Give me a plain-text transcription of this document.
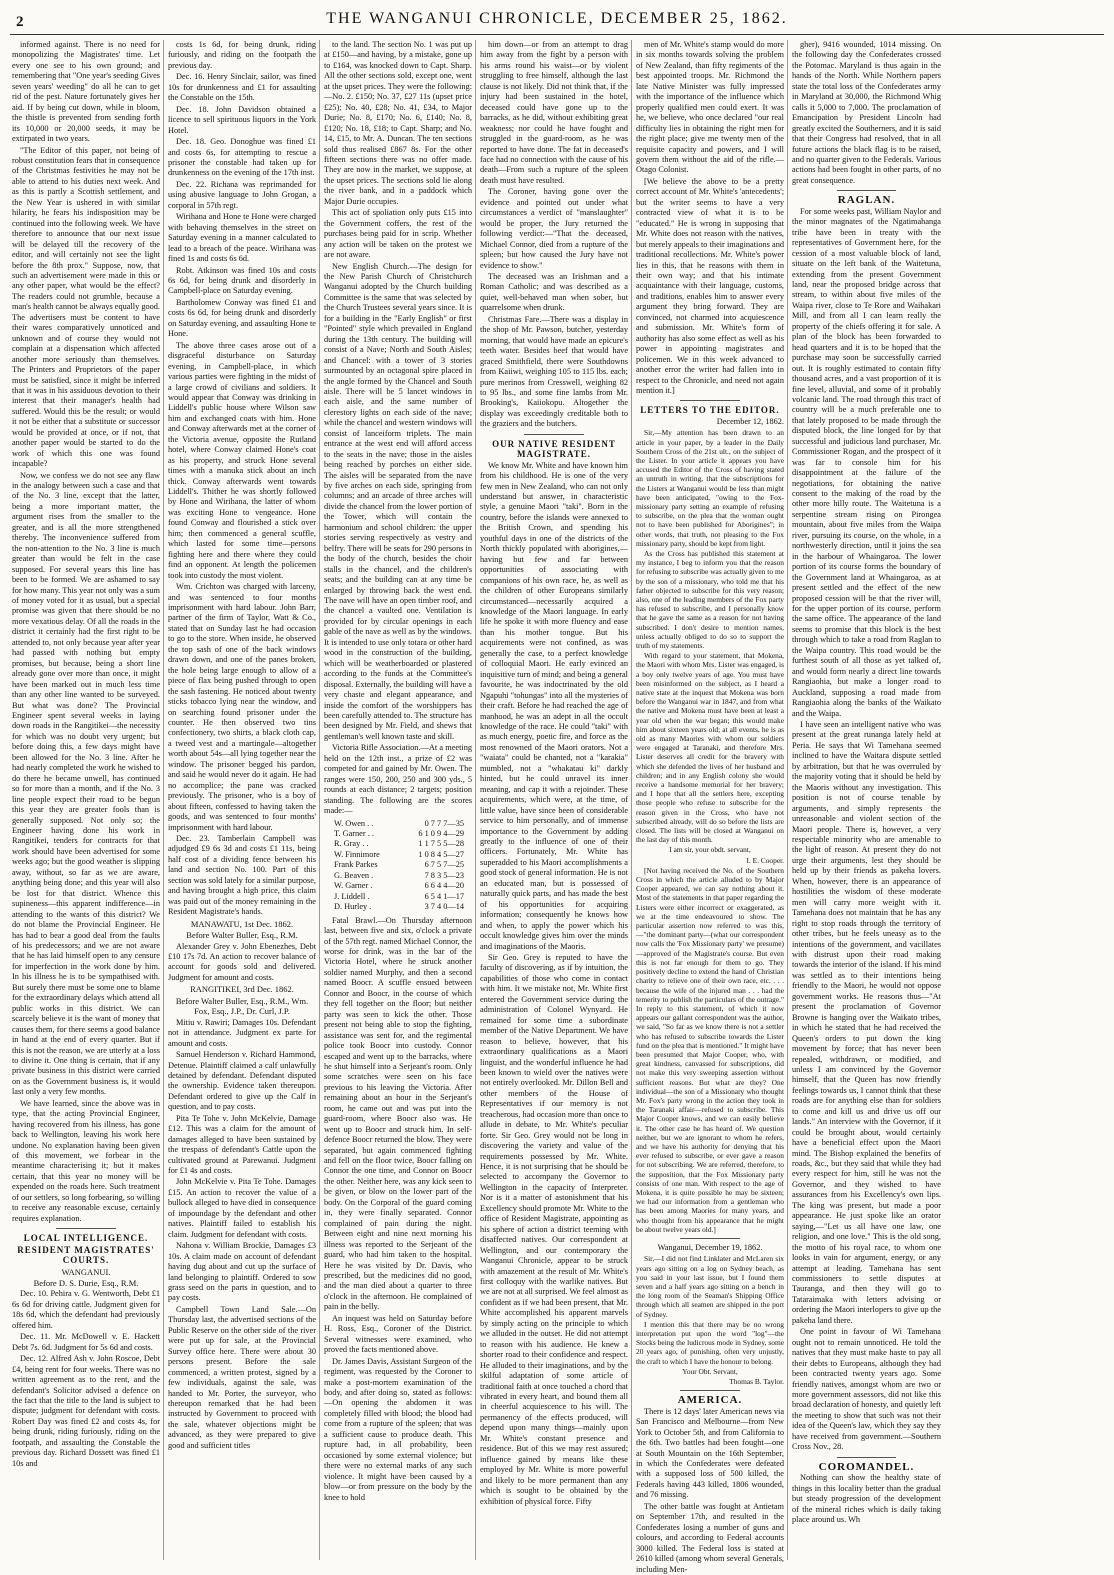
2	THE WANGANUI CHRONICLE, DECEMBER 25, 1862.

informed against. There is no need for monopolizing the Magistrates' time. Let every one see to his own ground; and remembering that "One year's seeding Gives seven years' weeding" do all he can to get rid of the pest. Nature fortunately gives her aid. If by being cut down, while in bloom, the thistle is prevented from sending forth its 10,000 or 20,000 seeds, it may be extirpated in two years.

"The Editor of this paper, not being of robust constitution fears that in consequence of the Christmas festivities he may not be able to attend to his duties next week. And as this is partly a Scottish settlement, and the New Year is ushered in with similar hilarity, he fears his indisposition may be continued into the following week. We have therefore to announce that our next issue will be delayed till the recovery of the editor, and will certainly not see the light before the 8th prox." Suppose, now, that such an advertisement were made in this or any other paper, what would be the effect? The readers could not grumble, because a man's health cannot be always equally good. The advertisers must be content to have their wares comparatively unnoticed and unknown and of course they would not complain at a dispensation which affected another more seriously than themselves. The Printers and Proprietors of the paper must be satisfied, since it might be inferred that it was in his assiduous devotion to their interest that their manager's health had suffered. Would this be the result; or would it not be either that a substitute or successor would be provided at once, or if not, that another paper would be started to do the work of which this one was found incapable?

Now, we confess we do not see any flaw in the analogy between such a case and that of the No. 3 line, except that the latter, being a more important matter, the argument rises from the smaller to the greater, and is all the more strengthened thereby. The inconvenience suffered from the non-attention to the No. 3 line is much greater than would be felt in the case supposed. For several years this line has been to be formed. We are ashamed to say for how many. This year not only was a sum of money voted for it as usual, but a special promise was given that there should be no more vexatious delay. Of all the roads in the district it certainly had the first right to be attended to, not only because year after year had passed with nothing but empty promises, but because, being a short line already gone over more than once, it might have been marked out in much less time than any other line wanted to be surveyed. But what was done? The Provincial Engineer spent several weeks in laying down roads in the Rangitikei—the necessity for which was no doubt very urgent; but before doing this, a few days might have been allowed for the No. 3 line. After he had nearly completed the work he wished to do there he became unwell, has continued so for more than a month, and if the No. 3 line people expect their road to be begun this year they are greater fools than is generally supposed. Not only so; the Engineer having done his work in Rangitikei, tenders for contracts for that work should have been advertised for some weeks ago; but the good weather is slipping away, without, so far as we are aware, anything being done; and this year will also be lost for that district. Whence this supineness—this apparent indifference—in attending to the wants of this district? We do not blame the Provincial Engineer. He has had to bear a good deal from the faults of his predecessors; and we are not aware that he has laid himself open to any censure for imperfection in the work done by him. In his illness he is to be sympathised with. But surely there must be some one to blame for the extraordinary delays which attend all public works in this district. We can scarcely believe it is the want of money that causes them, for there seems a good balance in hand at the end of every quarter. But if this is not the reason, we are utterly at a loss to divine it. One thing is certain, that if any private business in this district were carried on as the Government business is, it would last only a very few months.

We have learned, since the above was in type, that the acting Provincial Engineer, having recovered from his illness, has gone back to Wellington, leaving his work here undone. No explanation having been given of this movement, we forbear in the meantime characterising it; but it makes certain, that this year no money will be expended on the roads here. Such treatment of our settlers, so long forbearing, so willing to receive any reasonable excuse, certainly requires explanation.

LOCAL INTELLIGENCE.

RESIDENT MAGISTRATES' COURTS.

WANGANUI.

Before D. S. Durie, Esq., R.M.

Dec. 10. Pehira v. G. Wentworth, Debt £1 6s 6d for driving cattle. Judgment given for 18s 6d, which the defendant had previously offered him.

Dec. 11. Mr. McDowell v. E. Hackett Debt 7s. 6d. Judgment for 5s 6d and costs.

Dec. 12. Alfred Ash v. John Roscoe, Debt £4, being rent for four weeks. There was no written agreement as to the rent, and the defendant's Solicitor advised a defence on the fact that the title to the land is subject to dispute; judgment for defendant with costs. Robert Day was fined £2 and costs 4s, for being drunk, riding furiously, riding on the footpath, and assaulting the Constable the previous day. Richard Dossett was fined £1 10s and

costs 1s 6d, for being drunk, riding furiously, and riding on the footpath the previous day.

Dec. 16. Henry Sinclair, sailor, was fined 10s for drunkenness and £1 for assaulting the Constable on the 15th.

Dec. 18. John Davidson obtained a licence to sell spirituous liquors in the York Hotel.

Dec. 18. Geo. Donoghue was fined £1 and costs 6s, for attempting to rescue a prisoner the constable had taken up for drunkenness on the evening of the 17th inst.

Dec. 22. Richana was reprimanded for using abusive language to John Grogan, a corporal in 57th regt.

Wirihana and Hone te Hone were charged with behaving themselves in the street on Saturday evening in a manner calculated to lead to a breach of the peace. Wirihana was fined 1s and costs 6s 6d.

Robt. Atkinson was fined 10s and costs 6s 6d, for being drunk and disorderly in Campbell-place on Saturday evening.

Bartholomew Conway was fined £1 and costs 6s 6d, for being drunk and disorderly on Saturday evening, and assaulting Hone te Hone.

The above three cases arose out of a disgraceful disturbance on Saturday evening, in Campbell-place, in which various parties were fighting in the midst of a large crowd of civilians and soldiers. It would appear that Conway was drinking in Liddell's public house where Wilson saw him and exchanged coats with him. Hone and Conway afterwards met at the corner of the Victoria avenue, opposite the Rutland hotel, where Conway claimed Hone's coat as his property, and struck Hone several times with a manuka stick about an inch thick. Conway afterwards went towards Liddell's. Thither he was shortly followed by Hone and Wirihana, the latter of whom was exciting Hone to vengeance. Hone found Conway and flourished a stick over him; then commenced a general scuffle, which lasted for some time—persons fighting here and there where they could find an opponent. At length the policemen took into custody the most violent.

Wm. Crichton was charged with larceny, and was sentenced to four months imprisonment with hard labour. John Barr, partner of the firm of Taylor, Watt & Co., stated that on Sunday last he had occasion to go to the store. When inside, he observed the top sash of one of the back windows drawn down, and one of the panes broken, the hole being large enough to allow of a piece of flax being pushed through to open the sash fastening. He noticed about twenty sticks tobacco lying near the window, and on searching found prisoner under the counter. He then observed two tins confectionery, two shirts, a black cloth cap, a tweed vest and a martingale—altogether worth about 54s—all lying together near the window. The prisoner begged his pardon, and said he would never do it again. He had no accomplice; the pane was cracked previously. The prisoner, who is a boy of about fifteen, confessed to having taken the goods, and was sentenced to four months' imprisonment with hard labour.

Dec. 23. Tamberlain Campbell was adjudged £9 6s 3d and costs £1 11s, being half cost of a dividing fence between his land and section No. 100. Part of this section was sold lately for a similar purpose, and having brought a high price, this claim was paid out of the money remaining in the Resident Magistrate's hands.

MANAWATU, 1st Dec. 1862.

Before Walter Buller, Esq., R.M.

Alexander Grey v. John Ebenezhes, Debt £10 17s 7d. An action to recover balance of account for goods sold and delivered. Judgment for amount and costs.

RANGITIKEI, 3rd Dec. 1862.

Before Walter Buller, Esq., R.M., Wm. Fox, Esq., J.P., Dr. Curl, J.P.

Mitiu v. Rawiri; Damages 10s. Defendant not in attendance. Judgment ex parte for amount and costs.

Samuel Henderson v. Richard Hammond, Detenue. Plaintiff claimed a calf unlawfully detained by defendant. Defendant disputed the ownership. Evidence taken thereupon. Defendant ordered to give up the Calf in question, and to pay costs.

Pita Te Tohe v. John McKelvie, Damage £12. This was a claim for the amount of damages alleged to have been sustained by the trespass of defendant's Cattle upon the cultivated ground at Parewanui. Judgment for £1 4s and costs.

John McKelvie v. Pita Te Tohe. Damages £15. An action to recover the value of a bullock alleged to have died in consequence of impoundage by the defendant and other natives. Plaintiff failed to establish his claim. Judgment for defendant with costs.

Nahona v. William Brockie, Damages £3 10s. A claim made on account of defendant having dug about and cut up the surface of land belonging to plaintiff. Ordered to sow grass seed on the parts in question, and to pay costs.

Campbell Town Land Sale.—On Thursday last, the advertised sections of the Public Reserve on the other side of the river were put up for sale, at the Provincial Survey office here. There were about 30 persons present. Before the sale commenced, a written protest, signed by a few individuals, against the sale, was handed to Mr. Porter, the surveyor, who thereupon remarked that he had been instructed by Government to proceed with the sale, whatever objections might be advanced, as they were prepared to give good and sufficient titles

to the land. The section No. 1 was put up at £150—and having, by a mistake, gone up to £164, was knocked down to Capt. Sharp. All the other sections sold, except one, went at the upset prices. They were the following:—No. 2. £150; No. 37, £27 11s (upset price £25); No. 40, £28; No. 41, £34, to Major Durie; No. 8, £170; No. 6, £140; No. 8, £120; No. 18, £18; to Capt. Sharp; and No. 14, £15, to Mr. A. Duncan. The ten sections sold thus realised £867 8s. For the other fifteen sections there was no offer made. They are now in the market, we suppose, at the upset prices. The sections sold lie along the river bank, and in a paddock which Major Durie occupies.

This act of spoliation only puts £15 into the Government coffers, the rest of the purchases being paid for in scrip. Whether any action will be taken on the protest we are not aware.

New English Church.—The design for the New Parish Church of Christchurch Wanganui adopted by the Church building Committee is the same that was selected by the Church Trustees several years since. It is for a building in the "Early English" or first "Pointed" style which prevailed in England during the 13th century. The building will consist of a Nave; North and South Aisles; and Chancel: with a tower of 3 stories surmounted by an octagonal spire placed in the angle formed by the Chancel and South aisle. There will be 5 lancet windows in each aisle, and the same number of clerestory lights on each side of the nave; while the chancel and western windows will consist of lanceiform triplets. The main entrance at the west end will afford access to the seats in the nave; those in the aisles being reached by porches on either side. The aisles will be separated from the nave by five arches on each side, springing from columns; and an arcade of three arches will divide the chancel from the lower portion of the Tower, which will contain the harmonium and school children: the upper stories serving respectively as vestry and belfry. There will be seats for 290 persons in the body of the church, besides the choir stalls in the chancel, and the children's seats; and the building can at any time be enlarged by throwing back the west end. The nave will have an open timber roof, and the chancel a vaulted one. Ventilation is provided for by circular openings in each gable of the nave as well as by the windows. It is intended to use only totara or other hard wood in the construction of the building, which will be weatherboarded or plastered according to the funds at the Committee's disposal. Externally, the building will have a very chaste and elegant appearance, and inside the comfort of the worshippers has been carefully attended to. The structure has been designed by Mr. Field, and shews that gentleman's well known taste and skill.

Victoria Rifle Association.—At a meeting held on the 12th inst., a prize of £2 was competed for and gained by Mr. Owen. The ranges were 150, 200, 250 and 300 yds., 5 rounds at each distance; 2 targets; position standing. The following are the scores made:—

W. Owen . .	0 7 7 7—35
T. Garner . .	6 1 0 9 4—29
R. Gray . .	1 1 7 5 5—28
W. Finnimore	1 0 8 4 5—27
Frank Parkes	6 7 5 7—25
G. Beaven .	7 8 3 5—23
W. Garner .	6 6 4 4—20
J. Liddell .	6 5 4 1—17
D. Hurley .	3 7 4 0—14

Fatal Brawl.—On Thursday afternoon last, between five and six, o'clock a private of the 57th regt. named Michael Connor, the worse for drink, was in the bar of the Victoria Hotel, where he struck another soldier named Murphy, and then a second named Boocr. A scuffle ensued between Connor and Boocr, in the course of which they fell together on the floor; but neither party was seen to kick the other. Those present not being able to stop the fighting, assistance was sent for, and the regimental police took Boocr into custody. Connor escaped and went up to the barracks, where he shut himself into a Serjeant's room. Only some scratches were seen on his face previous to his leaving the Victoria. After remaining about an hour in the Serjeant's room, he came out and was put into the guard-room, where Boocr also was. He went up to Boocr and struck him. In self-defence Boocr returned the blow. They were separated, but again commenced fighting and fell on the floor twice, Boocr falling on Connor the one time, and Connor on Boocr the other. Neither here, was any kick seen to be given, or blow on the lower part of the body. On the Corporal of the guard coming in, they were finally separated. Connor complained of pain during the night. Between eight and nine next morning his illness was reported to the Serjeant of the guard, who had him taken to the hospital. Here he was visited by Dr. Davis, who prescribed, but the medicines did no good, and the man died about a quarter to three o'clock in the afternoon. He complained of pain in the belly.

An inquest was held on Saturday before H. Ross, Esq., Coroner of the District. Several witnesses were examined, who proved the facts mentioned above.

Dr. James Davis, Assistant Surgeon of the regiment, was requested by the Coroner to make a post-mortem examination of the body, and after doing so, stated as follows:—On opening the abdomen it was completely filled with blood; the blood had come from a rupture of the spleen; that was a sufficient cause to produce death. This rupture had, in all probability, been occasioned by some external violence; but there were no external marks of any such violence. It might have been caused by a blow—or from pressure on the body by the knee to hold

him down—or from an attempt to drag him away from the fight by a person with his arms round his waist—or by violent struggling to free himself, although the last clause is not likely. Did not think that, if the injury had been sustained in the hotel, deceased could have gone up to the barracks, as he did, without exhibiting great weakness; nor could he have fought and struggled in the guard-room, as he was reported to have done. The fat in deceased's face had no connection with the cause of his death—From such a rupture of the spleen death must have resulted.

The Coroner, having gone over the evidence and pointed out under what circumstances a verdict of "manslaughter" would be proper, the Jury returned the following verdict:—"That the deceased, Michael Connor, died from a rupture of the spleen; but how caused the Jury have not evidence to show."

The deceased was an Irishman and a Roman Catholic; and was described as a quiet, well-behaved man when sober, but quarrelsome when drunk.

Christmas Fare.—There was a display in the shop of Mr. Pawson, butcher, yesterday morning, that would have made an epicure's teeth water. Besides beef that would have graced Smithfield, there were Southdowns from Kaiiwi, weighing 105 to 115 lbs. each; pure merinos from Cresswell, weighing 82 to 95 lbs., and some fine lambs from Mr. Brooking's, Kaiiokopu. Altogether the display was exceedingly creditable both to the graziers and the butchers.

OUR NATIVE RESIDENT MAGISTRATE.

We know Mr. White and have known him from his childhood. He is one of the very few men in New Zealand, who can not only understand but answer, in characteristic style, a genuine Maori "taki". Born in the country, before the islands were annexed to the British Crown, and spending his youthful days in one of the districts of the North thickly populated with aborigines,—having but few and far between opportunities of associating with companions of his own race, he, as well as the children of other Europeans similarly circumstanced—necessarily acquired a knowledge of the Maori language. In early life he spoke it with more fluency and ease than his mother tongue. But his acquirements were not confined, as was generally the case, to a perfect knowledge of colloquial Maori. He early evinced an inquisitive turn of mind; and being a general favourite, he was indoctrinated by the old Ngapuhi "tohungas" into all the mysteries of their craft. Before he had reached the age of manhood, he was an adept in all the occult knowledge of the race. He could "taki" with as much energy, poetic fire, and force as the most renowned of the Maori orators. Not a "waiata" could be chanted, not a "karakia" mumbled, not a "whakatau ki" darkly hinted, but he could unravel its inner meaning, and cap it with a rejoinder. These acquirements, which were, at the time, of little value, have since been of considerable service to him personally, and of immense importance to the Government by adding greatly to the influence of one of their officers. Fortunately, Mr. White has superadded to his Maori accomplishments a good stock of general information. He is not an educated man, but is possessed of naturally quick parts, and has made the best of his opportunities for acquiring information; consequently he knows how and when, to apply the power which his occult knowledge gives him over the minds and imaginations of the Maoris.

Sir Geo. Grey is reputed to have the faculty of discovering, as if by intuition, the capabilities of those who come in contact with him. It we mistake not, Mr. White first entered the Government service during the administration of Colonel Wynyard. He remained for some time a subordinate member of the Native Department. We have reason to believe, however, that his extraordinary qualifications as a Maori linguist, and the wonderful influence he had been known to wield over the natives were not entirely overlooked. Mr. Dillon Bell and other members of the House of Representatives if our memory is not treacherous, had occasion more than once to allude in debate, to Mr. White's peculiar forte. Sir Geo. Grey would not be long in discovering the variety and value of the requirements possessed by Mr. White. Hence, it is not surprising that he should be selected to accompany the Governor to Wellington in the capacity of Interpreter. Nor is it a matter of astonishment that his Excellency should promote Mr. White to the office of Resident Magistrate, appointing as his sphere of action a district teeming with disaffected natives. Our correspondent at Wellington, and our contemporary the Wanganui Chronicle, appear to be struck with amazement at the result of Mr. White's first colloquy with the warlike natives. But we are not at all surprised. We feel almost as confident as if we had been present, that Mr. White accomplished his apparent marvels by simply acting on the principle to which we alluded in the outset. He did not attempt to reason with his audience. He knew a shorter road to their confidence and respect. He alluded to their imaginations, and by the skilful adaptation of some article of traditional faith at once touched a chord that vibrated in every heart, and bound them all in cheerful acquiescence to his will. The permanency of the effects produced, will depend upon many things—mainly upon Mr. White's constant presence and residence. But of this we may rest assured; influence gained by means like these employed by Mr. White is more powerful and likely to be more permanent than any which is sought to be obtained by the exhibition of physical force. Fifty

men of Mr. White's stamp would do more in six months towards solving the problem of New Zealand, than fifty regiments of the best appointed troops. Mr. Richmond the late Native Minister was fully impressed with the importance of the influence which properly qualified men could exert. It was he, we believe, who once declared "our real difficulty lies in obtaining the right men for the right place; give me twenty men of the requisite capacity and powers, and I will govern them without the aid of the rifle.—Otago Colonist.

[We believe the above to be a pretty correct account of Mr. White's 'antecedents'; but the writer seems to have a very contracted view of what it is to be "educated." He is wrong in supposing that Mr. White does not reason with the natives, but merely appeals to their imaginations and traditional recollections. Mr. White's power lies in this, that he reasons with them in their own way; and that his intimate acquaintance with their language, customs, and traditions, enables him to answer every argument they bring forward. They are convinced, not charmed into acquiescence and submission. Mr. White's form of authority has also some effect as well as his power in appointing magistrates and policemen. We in this week advanced to another error the writer had fallen into in respect to the Chronicle, and need not again mention it.]

LETTERS TO THE EDITOR.

December 12, 1862.

Sir,—My attention has been drawn to an article in your paper, by a leader in the Daily Southern Cross of the 21st ult., on the subject of the Lister. In your article it appears you have accused the Editor of the Cross of having stated an untruth in writing, that the subscriptions for the Listers at Wanganui would be less than might have been anticipated, "owing to the Fox-missionary party setting an example of refusing to subscribe, on the plea that the woman ought not to have been published for Aborigines"; in other words, that truth, not pleasing to the Fox missionary party, should be kept from light.

As the Cross has published this statement at my instance, I beg to inform you that the reason for refusing to subscribe was actually given to me by the son of a missionary, who told me that his father objected to subscribe for this very reason; also, one of the leading members of the Fox party has refused to subscribe, and I personally know that he gave the same as a reason for not having subscribed. I don't desire to mention names, unless actually obliged to do so to support the truth of my statements.

With regard to your statement, that Mokena, the Maori with whom Mrs. Lister was engaged, is a boy only twelve years of age. You must have been misinformed on the subject, as I heard a native state at the inquest that Mokena was born before the Wanganui war in 1847, and from what the native and Mokena must have been at least a year old when the war began; this would make him about sixteen years old; at all events, he is as old as many Maories with whom our soldiers were engaged at Taranaki, and therefore Mrs. Lister deserves all credit for the bravery with which she defended the lives of her husband and children; and in any English colony she would receive a handsome memorial for her bravery; and I hope that all the settlers here, excepting those people who refuse to subscribe for the reason given in the Cross, who have not subscribed already, will do so before the lists are closed. The lists will be closed at Wanganui on the last day of this month.

I am sir, your obdt. servant,

I. E. Cooper.

[Not having received the No. of the Southern Cross in which the article alluded to by Major Cooper appeared, we can say nothing about it. Most of the statements in that paper regarding the Listers were either incorrect or exaggerated, as we at the time endeavoured to show. The particular assertion now referred to was this,—"the dominant party—(what our correspondent now calls the 'Fox Missionary party' we presume)—approved of the Magistrate's course. But even this is not far enough for them to go. They positively decline to extend the hand of Christian charity to relieve one of their own race, etc. . . . because the wife of the injured man . . . had the temerity to publish the particulars of the outrage." In reply to this statement, of which it now appears our gallant correspondent was the author, we said, "So far as we know there is not a settler who has refused to subscribe towards the Lister fund on the plea that is mentioned." It might have been presumed that Major Cooper, who, with great kindness, canvassed for subscriptions, did not make this very sweeping assertion without sufficient reasons. But what are they? One individual—the son of a Missionary who thought Mr. Fox's party wrong in the action they took in the Taranaki affair—refused to subscribe. This Major Cooper knows, and we can easily believe it. The other case he has heard of. We question neither, but we are ignorant to whom he refers, and we have his authority for denying that his ever refused to subscribe, or ever gave a reason for not subscribing. We are referred, therefore, to the supposition, that the Fox Missionary party consists of one man. With respect to the age of Mokena, it is quite possible he may be sixteen; we had our information from a gentleman who has been among Maories for many years, and who thought from his appearance that he might be about twelve years old.]

Wanganui, December 19, 1862.

Sir,—I did not find Linklater and McLaren six years ago sitting on a log on Sydney beach, as you said in your last issue, but I found them seven and a half years ago sitting on a bench in the long room of the Seaman's Shipping Office through which all seamen are shipped in the port of Sydney.

I mention this that there may be no wrong interpretation put upon the word "log"—the Stocks being the ludicrous mode in Sydney, some 20 years ago, of punishing, often very unjustly, the craft to which I have the honour to belong.

Your Obt. Servant,

Thomas B. Taylor.

AMERICA.

There is 12 days' later American news via San Francisco and Melbourne—from New York to October 5th, and from California to the 6th. Two battles had been fought—one at South Mountain on the 16th September, in which the Confederates were defeated with a supposed loss of 500 killed, the Federals having 443 killed, 1806 wounded, and 76 missing.

The other battle was fought at Antietam on September 17th, and resulted in the Confederates losing a number of guns and colours, and according to Federal accounts 3000 killed. The Federal loss is stated at 2610 killed (among whom several Generals, including Men-

gher), 9416 wounded, 1014 missing. On the following day the Confederates crossed the Potomac. Maryland is thus again in the hands of the North. While Northern papers state the total loss of the Confederates army in Maryland at 30,000, the Richmond Whig calls it 5,000 to 7,000. The proclamation of Emancipation by President Lincoln had greatly excited the Southerners, and it is said that their Congress had resolved, that in all future actions the black flag is to be raised, and no quarter given to the Federals. Various actions had been fought in other parts, of no great consequence.

RAGLAN.

For some weeks past, William Naylor and the minor magnates of the Ngatimahanga tribe have been in treaty with the representatives of Government here, for the cession of a most valuable block of land, situate on the left bank of the Waitetuna, extending from the present Government land, near the proposed bridge across that stream, to within about five miles of the Waipa river, close to Te Rore and Waihakari Mill, and from all I can learn really the property of the chiefs offering it for sale. A plan of the block has been forwarded to head quarters and it is to be hoped that the purchase may soon be successfully carried out. It is roughly estimated to contain fifty thousand acres, and a vast proportion of it is fine level, alluvial, and some of it probably volcanic land. The road through this tract of country will be a much preferable one to that lately proposed to be made through the disputed block, the line longed for by that successful and judicious land purchaser, Mr. Commissioner Rogan, and the prospect of it was far to console him for his disappointment at the failure of the negotiations, for obtaining the native consent to the making of the road by the other more hilly route. The Waitetuna is a serpentine stream rising on Pirongea mountain, about five miles from the Waipa river, pursuing its course, on the whole, in a northwesterly direction, until it joins the sea in the harbour of Whaingaroa. The lower portion of its course forms the boundary of the Government land at Whaingaroa, as at present settled and the effect of the new proposed cession will be that the river will, for the upper portion of its course, perform the same office. The appearance of the land seems to promise that this block is the best through which to take a road from Raglan to the Waipa country. This road would be the furthest south of all those as yet talked of, and would form nearly a direct line towards Rangiaohia, but make a longer road to Auckland, supposing a road made from Rangiaohia along the banks of the Waikato and the Waipa.

I have seen an intelligent native who was present at the great runanga lately held at Peria. He says that Wi Tamehana seemed inclined to have the Waitara dispute settled by arbitration, but that he was overruled by the majority voting that it should be held by the Maoris without any investigation. This position is not of course tenable by arguments, and simply represents the unreasonable and violent section of the Maori people. There is, however, a very respectable minority who are amenable to the light of reason. At present they do not urge their arguments, lest they should be held up by their friends as pakeha lovers. When, however, there is an appearance of hostilities the wisdom of these moderate men will carry more weight with it. Tamehana does not maintain that he has any right to stop roads through the territory of other tribes, but he feels uneasy as to the intentions of the government, and vacillates with distrust upon their road making towards the interior of the island. If his mind was settled as to their intentions being friendly to the Maori, he would not oppose government works. He reasons thus—"At present the proclamation of Governor Browne is hanging over the Waikato tribes, in which he stated that he had received the Queen's orders to put down the king movement by force; that has never been repealed, withdrawn, or modified, and unless I am convinced by the Governor himself, that the Queen has now friendly feelings towards us, I cannot think that these roads are for anything else than for soldiers to come and kill us and drive us off our lands." An interview with the Governor, if it could be brought about, would certainly have a beneficial effect upon the Maori mind. The Bishop explained the benefits of roads, &c., but they said that while they had every respect for him, still he was not the Governor, and they wished to have assurances from his Excellency's own lips. The king was present, but made a poor appearance. He just spoke like an orator saying,—"Let us all have one law, one religion, and one love." This is the old song, the motto of his royal race, to whom one looks in vain for argument, energy, or any attempt at leading. Tamehana has sent commissioners to settle disputes at Tauranga, and then they will go to Tataraimaka with letters advising or ordering the Maori interlopers to give up the pakeha land there.

One point in favour of Wi Tamehana ought not to remain unnoticed. He told the natives that they must make haste to pay all their debts to Europeans, although they had been contracted twenty years ago. Some friendly natives, amongst whom are two or more government assessors, did not like this broad declaration of honesty, and quietly left the meeting to show that such was not their idea of the Queen's law, which they say they have received from government.—Southern Cross Nov., 28.

COROMANDEL.

Nothing can show the healthy state of things in this locality better than the gradual but steady progression of the development of the mineral riches which is daily taking place around us. Wh
